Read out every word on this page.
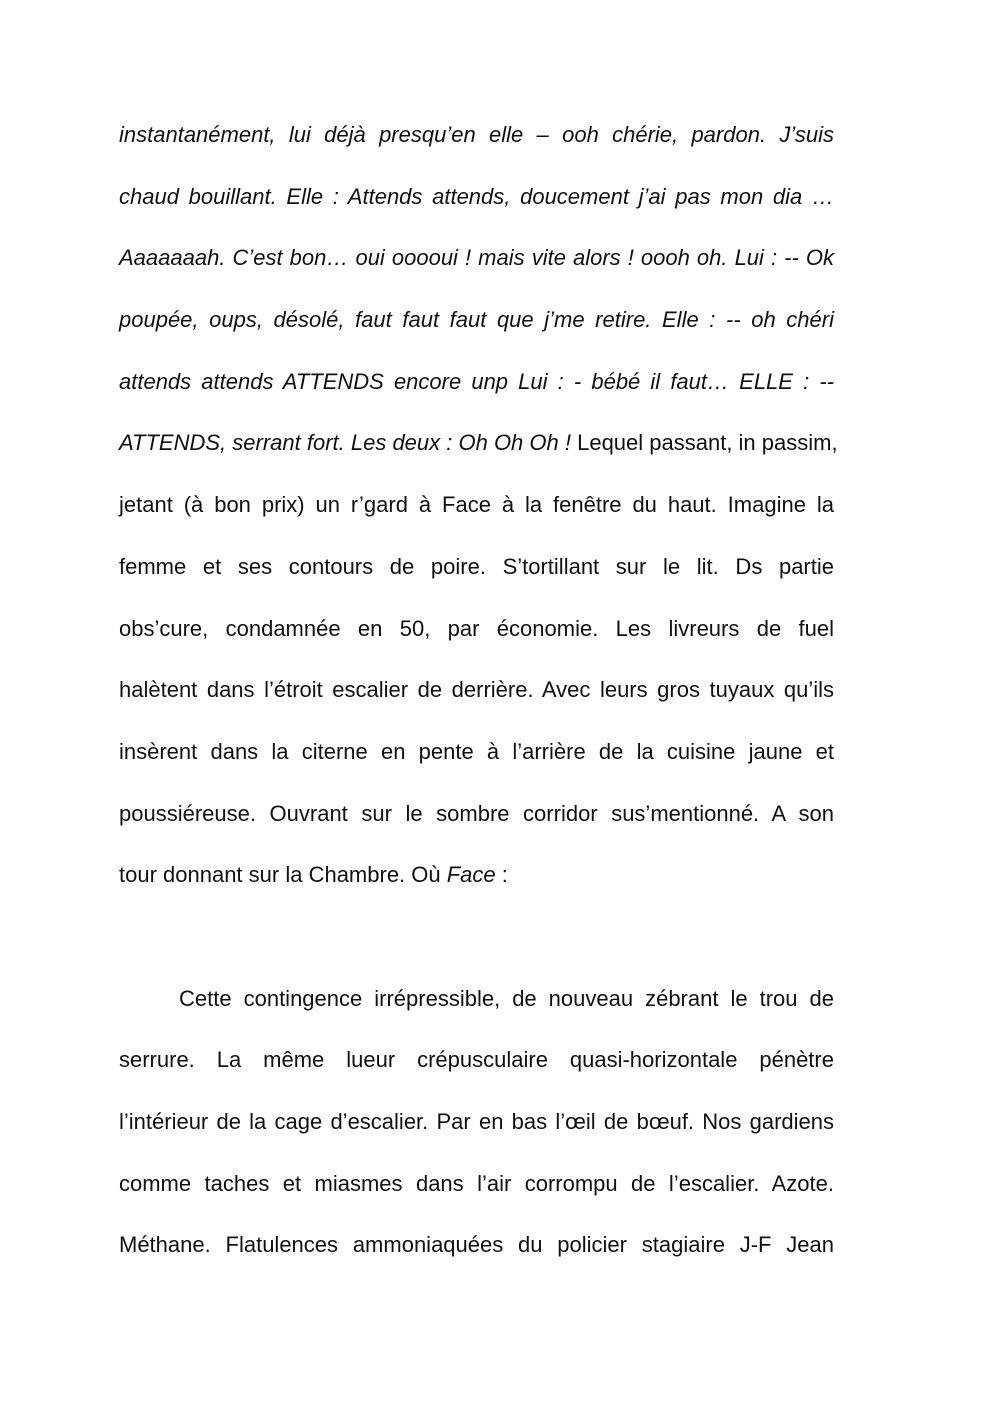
instantanément, lui déjà presqu’en elle – ooh chérie, pardon. J’suis
chaud bouillant. Elle : Attends attends, doucement j’ai pas mon dia …
Aaaaaaah. C’est bon… oui ooooui ! mais vite alors ! oooh oh. Lui : -- Ok
poupée, oups, désolé, faut faut faut que j’me retire. Elle : -- oh chéri
attends attends ATTENDS encore unp Lui : - bébé il faut… ELLE : --
ATTENDS, serrant fort. Les deux : Oh Oh Oh ! Lequel passant, in passim,
jetant (à bon prix) un r’gard à Face à la fenêtre du haut. Imagine la
femme et ses contours de poire. S’tortillant sur le lit. Ds partie
obs’cure, condamnée en 50, par économie. Les livreurs de fuel
halètent dans l’étroit escalier de derrière. Avec leurs gros tuyaux qu’ils
insèrent dans la citerne en pente à l’arrière de la cuisine jaune et
poussiéreuse. Ouvrant sur le sombre corridor sus’mentionné. A son
tour donnant sur la Chambre. Où Face :
Cette contingence irrépressible, de nouveau zébrant le trou de
serrure. La même lueur crépusculaire quasi-horizontale pénètre
l’intérieur de la cage d’escalier. Par en bas l’œil de bœuf. Nos gardiens
comme taches et miasmes dans l’air corrompu de l’escalier. Azote.
Méthane. Flatulences ammoniaquées du policier stagiaire J-F Jean
